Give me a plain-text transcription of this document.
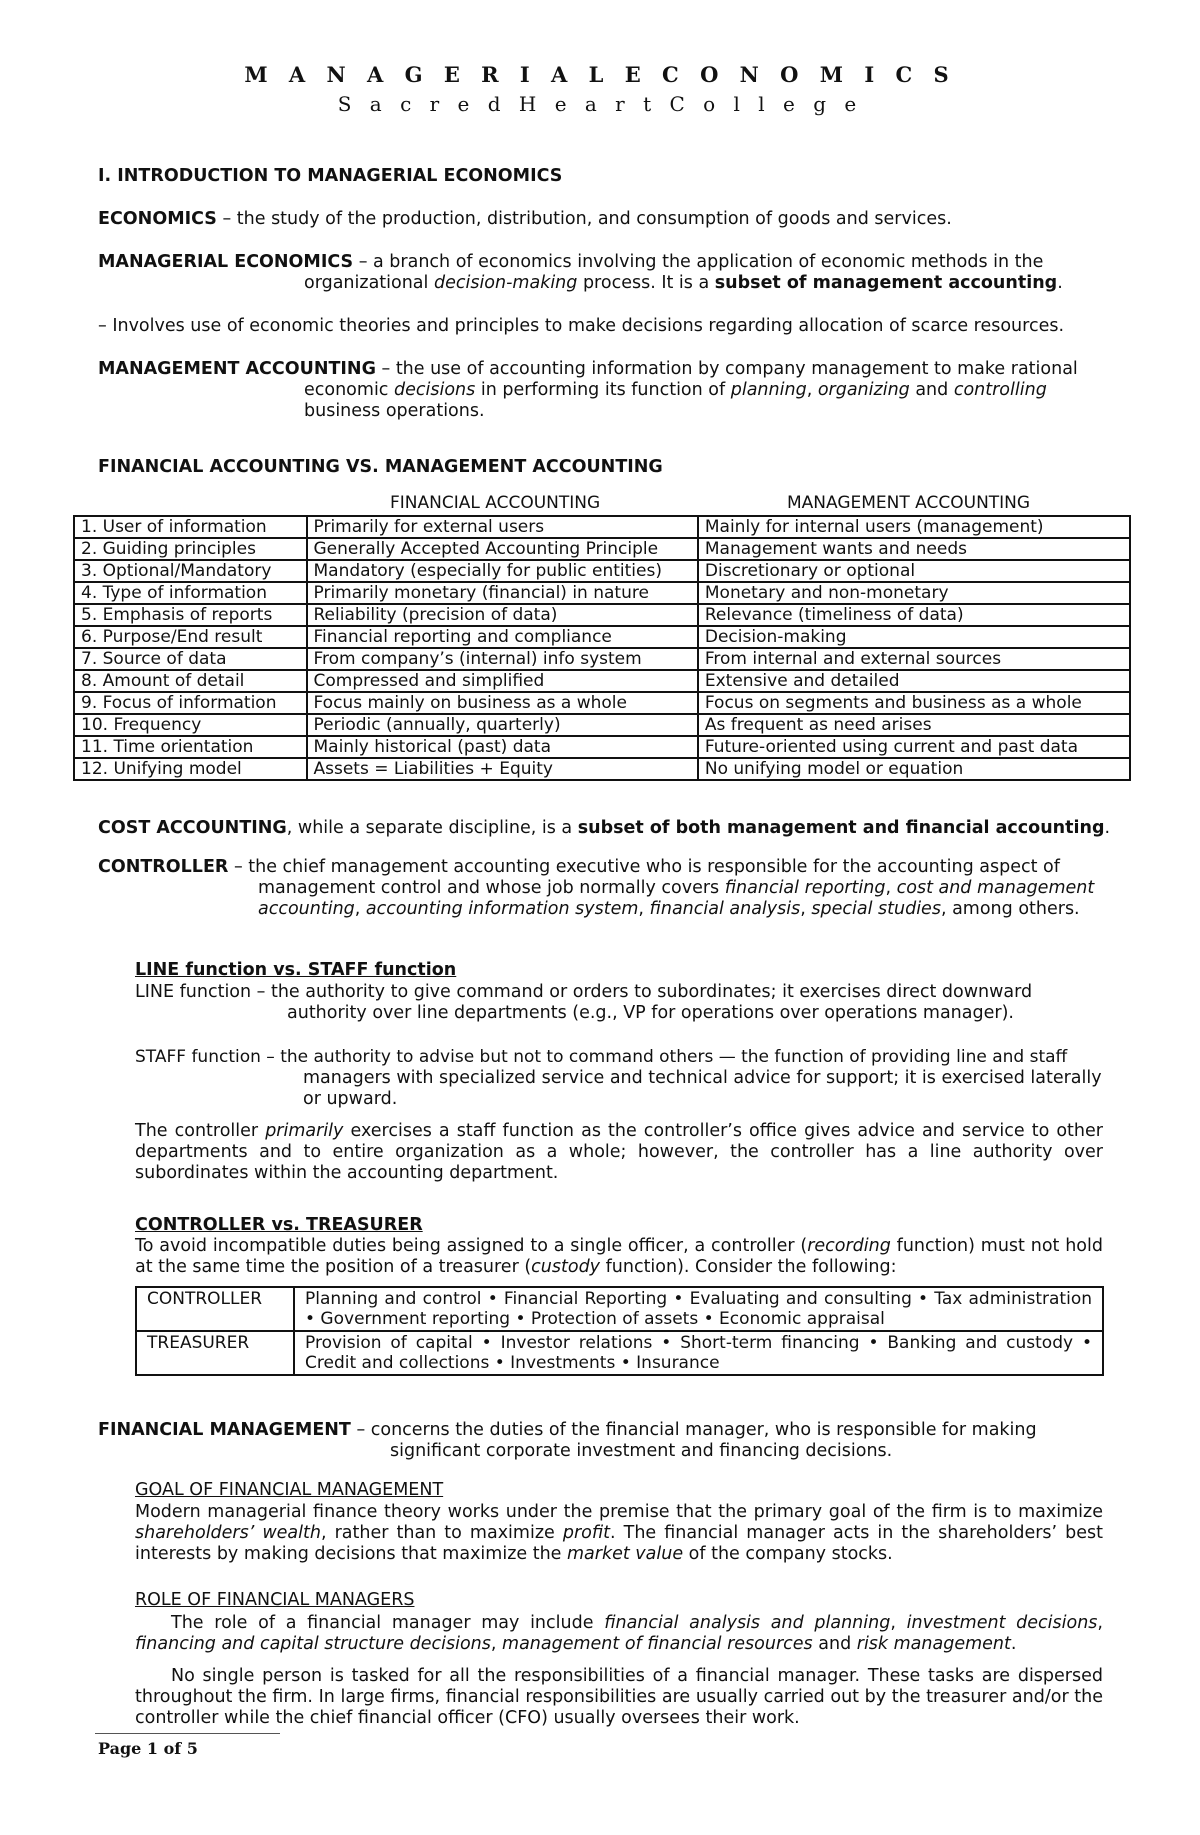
M A N A G E R I A L E C O N O M I C S
S a c r e d H e a r t C o l l e g e
I. INTRODUCTION TO MANAGERIAL ECONOMICS
ECONOMICS – the study of the production, distribution, and consumption of goods and services.
MANAGERIAL ECONOMICS – a branch of economics involving the application of economic methods in the
organizational decision-making process. It is a subset of management accounting.
– Involves use of economic theories and principles to make decisions regarding allocation of scarce resources.
MANAGEMENT ACCOUNTING – the use of accounting information by company management to make rational
economic decisions in performing its function of planning, organizing and controlling
business operations.
FINANCIAL ACCOUNTING VS. MANAGEMENT ACCOUNTING
FINANCIAL ACCOUNTING	MANAGEMENT ACCOUNTING
1. User of information	Primarily for external users	Mainly for internal users (management)
2. Guiding principles	Generally Accepted Accounting Principle	Management wants and needs
3. Optional/Mandatory	Mandatory (especially for public entities)	Discretionary or optional
4. Type of information	Primarily monetary (financial) in nature	Monetary and non-monetary
5. Emphasis of reports	Reliability (precision of data)	Relevance (timeliness of data)
6. Purpose/End result	Financial reporting and compliance	Decision-making
7. Source of data	From company’s (internal) info system	From internal and external sources
8. Amount of detail	Compressed and simplified	Extensive and detailed
9. Focus of information	Focus mainly on business as a whole	Focus on segments and business as a whole
10. Frequency	Periodic (annually, quarterly)	As frequent as need arises
11. Time orientation	Mainly historical (past) data	Future-oriented using current and past data
12. Unifying model	Assets = Liabilities + Equity	No unifying model or equation
COST ACCOUNTING, while a separate discipline, is a subset of both management and financial accounting.
CONTROLLER – the chief management accounting executive who is responsible for the accounting aspect of
management control and whose job normally covers financial reporting, cost and management
accounting, accounting information system, financial analysis, special studies, among others.
LINE function vs. STAFF function
LINE function – the authority to give command or orders to subordinates; it exercises direct downward
authority over line departments (e.g., VP for operations over operations manager).
STAFF function – the authority to advise but not to command others — the function of providing line and staff
managers with specialized service and technical advice for support; it is exercised laterally
or upward.
The controller primarily exercises a staff function as the controller’s office gives advice and service to other departments and to entire organization as a whole; however, the controller has a line authority over subordinates within the accounting department.
CONTROLLER vs. TREASURER
To avoid incompatible duties being assigned to a single officer, a controller (recording function) must not hold at the same time the position of a treasurer (custody function). Consider the following:
CONTROLLER	Planning and control • Financial Reporting • Evaluating and consulting • Tax administration • Government reporting • Protection of assets • Economic appraisal
TREASURER	Provision of capital • Investor relations • Short-term financing • Banking and custody • Credit and collections • Investments • Insurance
FINANCIAL MANAGEMENT – concerns the duties of the financial manager, who is responsible for making
significant corporate investment and financing decisions.
GOAL OF FINANCIAL MANAGEMENT
Modern managerial finance theory works under the premise that the primary goal of the firm is to maximize shareholders’ wealth, rather than to maximize profit. The financial manager acts in the shareholders’ best interests by making decisions that maximize the market value of the company stocks.
ROLE OF FINANCIAL MANAGERS
The role of a financial manager may include financial analysis and planning, investment decisions, financing and capital structure decisions, management of financial resources and risk management.
No single person is tasked for all the responsibilities of a financial manager. These tasks are dispersed throughout the firm. In large firms, financial responsibilities are usually carried out by the treasurer and/or the controller while the chief financial officer (CFO) usually oversees their work.
Page 1 of 5
